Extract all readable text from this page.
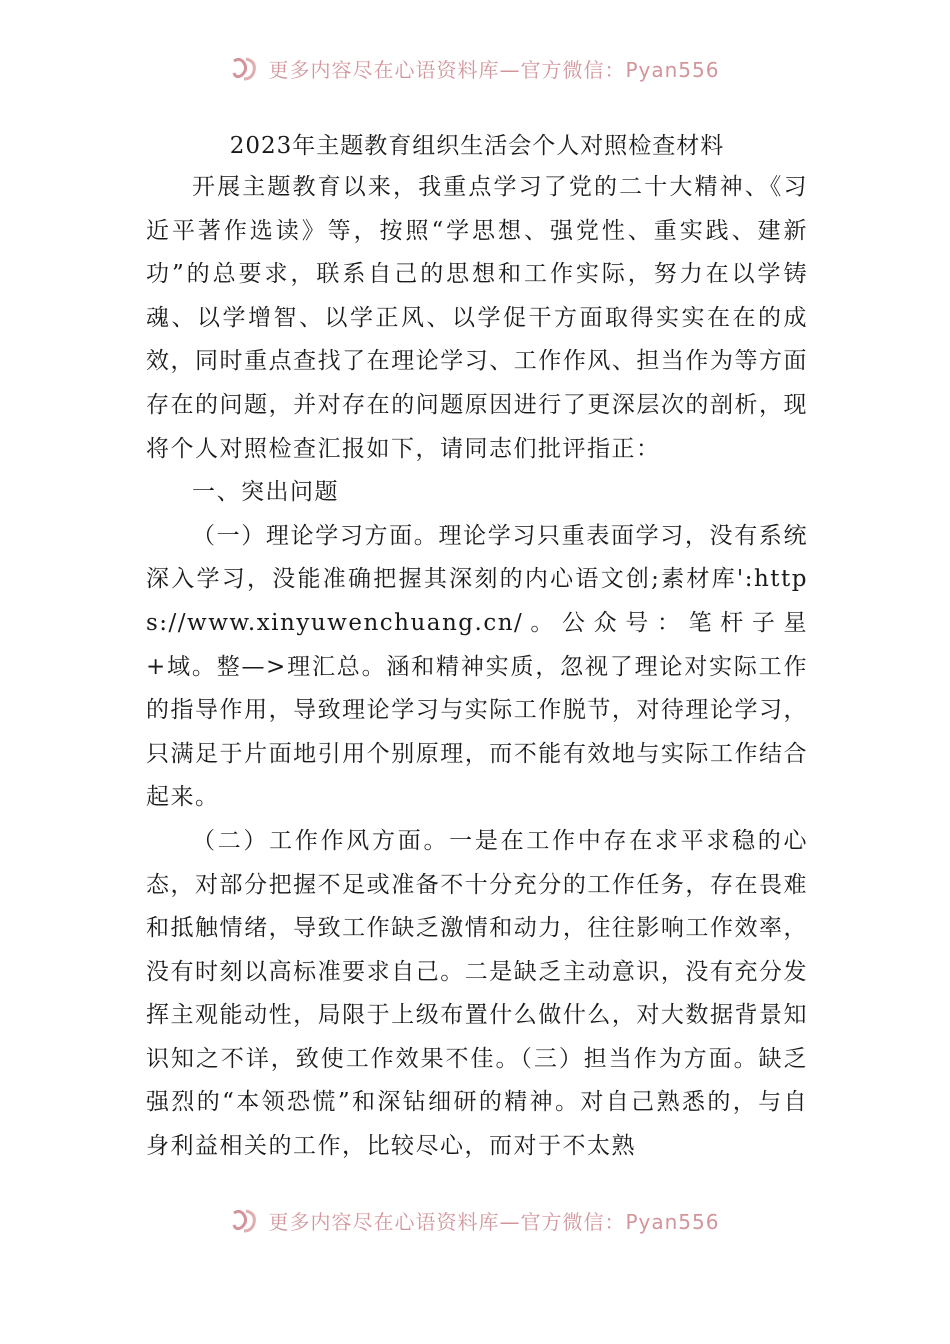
更多内容尽在心语资料库—官方微信：Pyan556
2023年主题教育组织生活会个人对照检查材料

开展主题教育以来，我重点学习了党的二十大精神、《习近平著作选读》等，按照“学思想、强党性、重实践、建新功”的总要求，联系自己的思想和工作实际，努力在以学铸魂、以学增智、以学正风、以学促干方面取得实实在在的成效，同时重点查找了在理论学习、工作作风、担当作为等方面存在的问题，并对存在的问题原因进行了更深层次的剖析，现将个人对照检查汇报如下，请同志们批评指正：

一、突出问题

（一）理论学习方面。理论学习只重表面学习，没有系统深入学习，没能准确把握其深刻的内心语文创;素材库':https://www.xinyuwenchuang.cn/。公众号：笔杆子星+域。整—>理汇总。涵和精神实质，忽视了理论对实际工作的指导作用，导致理论学习与实际工作脱节，对待理论学习，只满足于片面地引用个别原理，而不能有效地与实际工作结合起来。

（二）工作作风方面。一是在工作中存在求平求稳的心态，对部分把握不足或准备不十分充分的工作任务，存在畏难和抵触情绪，导致工作缺乏激情和动力，往往影响工作效率，没有时刻以高标准要求自己。二是缺乏主动意识，没有充分发挥主观能动性，局限于上级布置什么做什么，对大数据背景知识知之不详，致使工作效果不佳。（三）担当作为方面。缺乏强烈的“本领恐慌”和深钻细研的精神。对自己熟悉的，与自身利益相关的工作，比较尽心，而对于不太熟

更多内容尽在心语资料库—官方微信：Pyan556
